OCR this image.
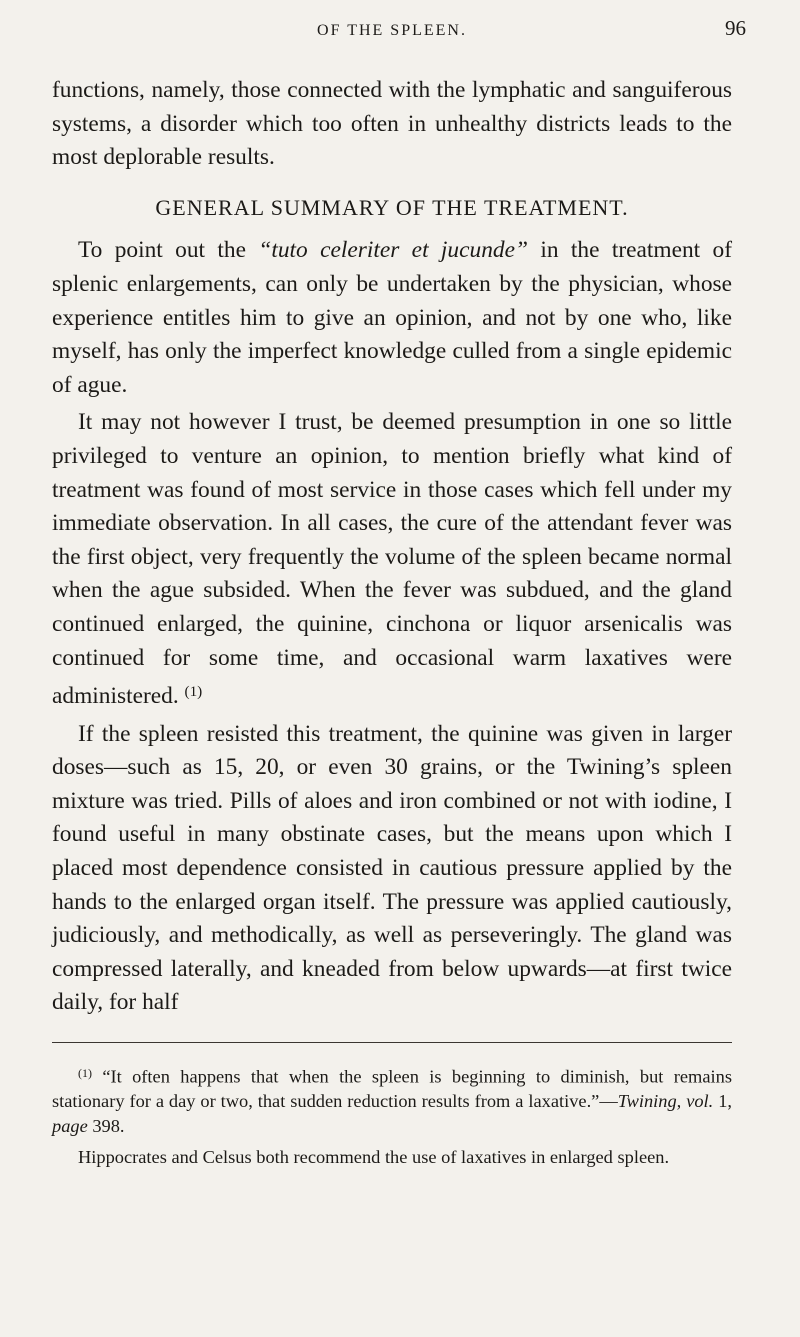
OF THE SPLEEN.	96

functions, namely, those connected with the lymphatic and sanguiferous systems, a disorder which too often in unhealthy districts leads to the most deplorable results.

GENERAL SUMMARY OF THE TREATMENT.

To point out the “tuto celeriter et jucunde” in the treatment of splenic enlargements, can only be undertaken by the physician, whose experience entitles him to give an opinion, and not by one who, like myself, has only the imperfect knowledge culled from a single epidemic of ague.

It may not however I trust, be deemed presumption in one so little privileged to venture an opinion, to mention briefly what kind of treatment was found of most service in those cases which fell under my immediate observation. In all cases, the cure of the attendant fever was the first object, very frequently the volume of the spleen became normal when the ague subsided. When the fever was subdued, and the gland continued enlarged, the quinine, cinchona or liquor arsenicalis was continued for some time, and occasional warm laxatives were administered. $^{(1)}$

If the spleen resisted this treatment, the quinine was given in larger doses—such as 15, 20, or even 30 grains, or the Twining’s spleen mixture was tried. Pills of aloes and iron combined or not with iodine, I found useful in many obstinate cases, but the means upon which I placed most dependence consisted in cautious pressure applied by the hands to the enlarged organ itself. The pressure was applied cautiously, judiciously, and methodically, as well as perseveringly. The gland was compressed laterally, and kneaded from below upwards—at first twice daily, for half

$^{(1)}$ “It often happens that when the spleen is beginning to diminish, but remains stationary for a day or two, that sudden reduction results from a laxative.”—Twining, vol. 1, page 398.

Hippocrates and Celsus both recommend the use of laxatives in enlarged spleen.
